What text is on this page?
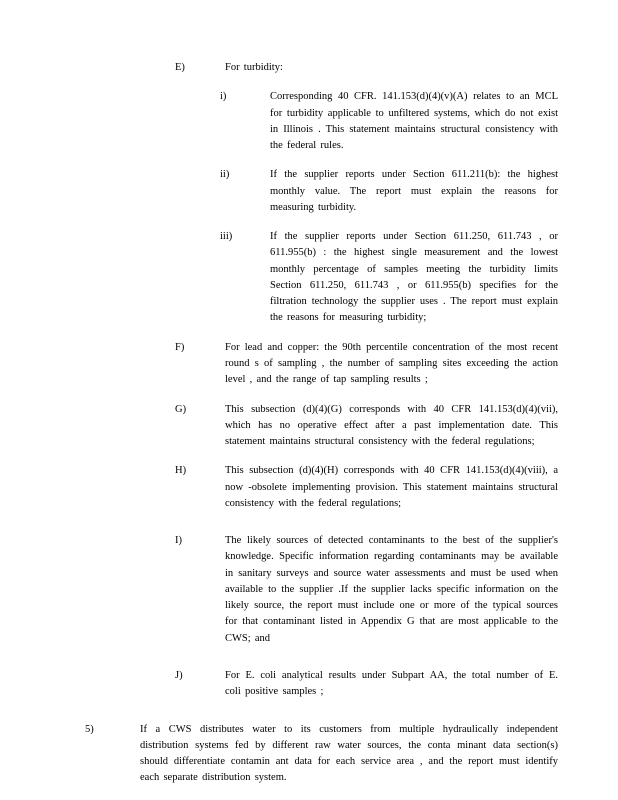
E)	For turbidity:
i)	Corresponding 40 CFR. 141.153(d)(4)(v)(A) relates to an MCL for turbidity applicable to unfiltered systems, which do not exist in Illinois . This statement maintains structural consistency with the federal rules.
ii)	If the supplier reports under Section 611.211(b): the highest monthly value. The report must explain the reasons for measuring turbidity.
iii)	If the supplier reports under Section 611.250, 611.743 , or 611.955(b) : the highest single measurement and the lowest monthly percentage of samples meeting the turbidity limits Section 611.250, 611.743 , or 611.955(b) specifies for the filtration technology the supplier uses . The report must explain the reasons for measuring turbidity;
F)	For lead and copper: the 90th percentile concentration of the most recent round s of sampling , the number of sampling sites exceeding the action level , and the range of tap sampling results ;
G)	This subsection (d)(4)(G) corresponds with 40 CFR 141.153(d)(4)(vii), which has no operative effect after a past implementation date. This statement maintains structural consistency with the federal regulations;
H)	This subsection (d)(4)(H) corresponds with 40 CFR 141.153(d)(4)(viii), a now -obsolete implementing provision. This statement maintains structural consistency with the federal regulations;
I)	The likely sources of detected contaminants to the best of the supplier's knowledge. Specific information regarding contaminants may be available in sanitary surveys and source water assessments and must be used when available to the supplier .If the supplier lacks specific information on the likely source, the report must include one or more of the typical sources for that contaminant listed in Appendix G that are most applicable to the CWS; and
J)	For E. coli analytical results under Subpart AA, the total number of E. coli positive samples ;
5)	If a CWS distributes water to its customers from multiple hydraulically independent distribution systems fed by different raw water sources, the conta minant data section(s) should differentiate contamin ant data for each service area , and the report must identify each separate distribution system.
